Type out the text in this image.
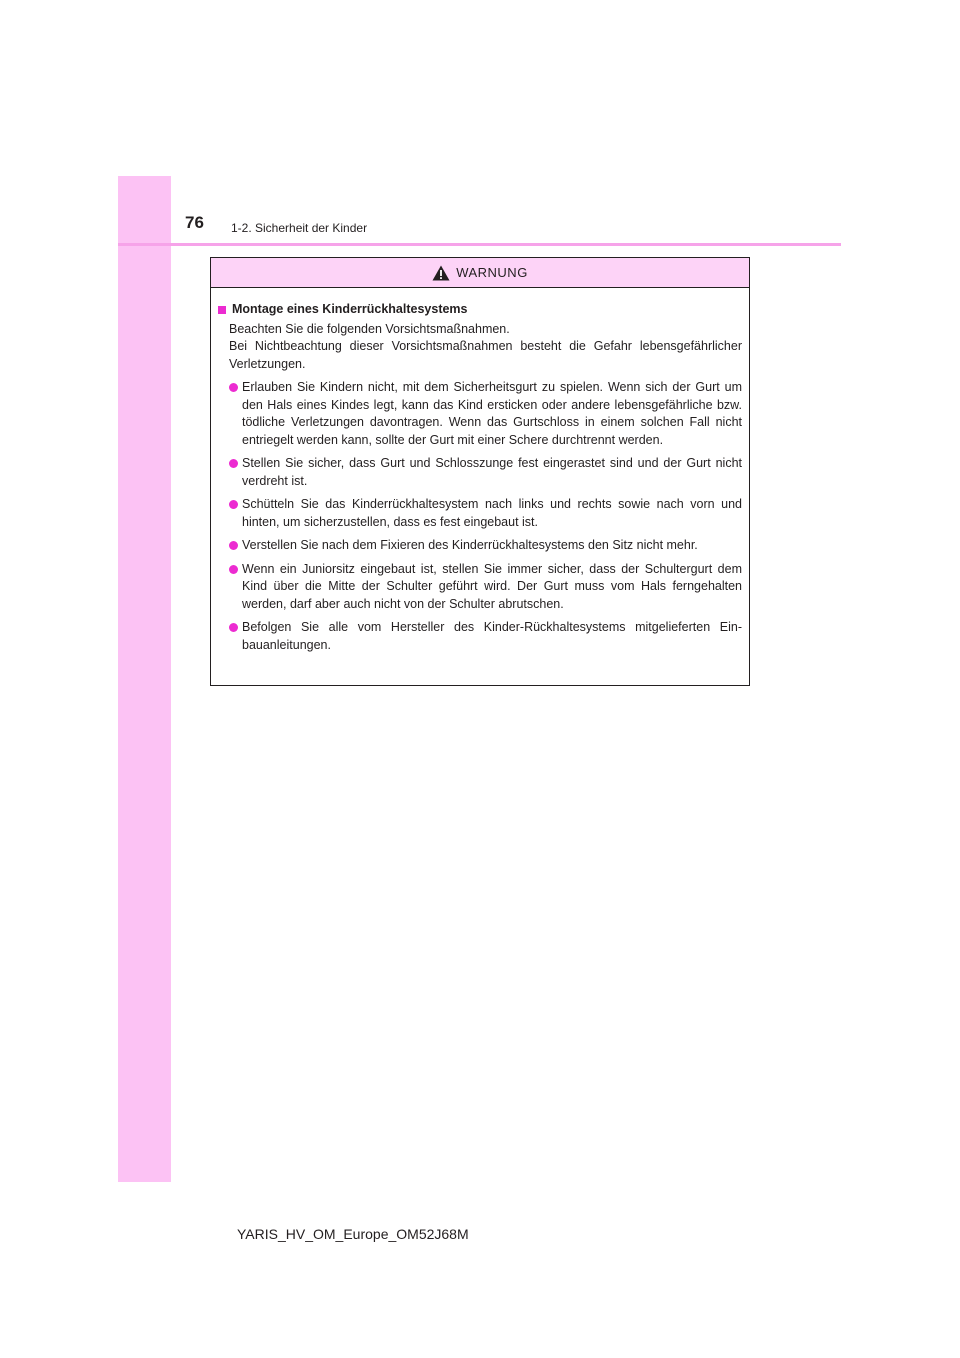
76 1-2. Sicherheit der Kinder
WARNUNG
Montage eines Kinderrückhaltesystems
Beachten Sie die folgenden Vorsichtsmaßnahmen.
Bei Nichtbeachtung dieser Vorsichtsmaßnahmen besteht die Gefahr lebensgefährlicher Verletzungen.
Erlauben Sie Kindern nicht, mit dem Sicherheitsgurt zu spielen. Wenn sich der Gurt um den Hals eines Kindes legt, kann das Kind ersticken oder andere lebensgefährliche bzw. tödliche Verletzungen davontragen. Wenn das Gurtschloss in einem solchen Fall nicht entriegelt werden kann, sollte der Gurt mit einer Schere durchtrennt werden.
Stellen Sie sicher, dass Gurt und Schlosszunge fest eingerastet sind und der Gurt nicht verdreht ist.
Schütteln Sie das Kinderrückhaltesystem nach links und rechts sowie nach vorn und hinten, um sicherzustellen, dass es fest eingebaut ist.
Verstellen Sie nach dem Fixieren des Kinderrückhaltesystems den Sitz nicht mehr.
Wenn ein Juniorsitz eingebaut ist, stellen Sie immer sicher, dass der Schultergurt dem Kind über die Mitte der Schulter geführt wird. Der Gurt muss vom Hals ferngehalten werden, darf aber auch nicht von der Schulter abrutschen.
Befolgen Sie alle vom Hersteller des Kinder-Rückhaltesystems mitgelieferten Einbauanleitungen.
YARIS_HV_OM_Europe_OM52J68M
